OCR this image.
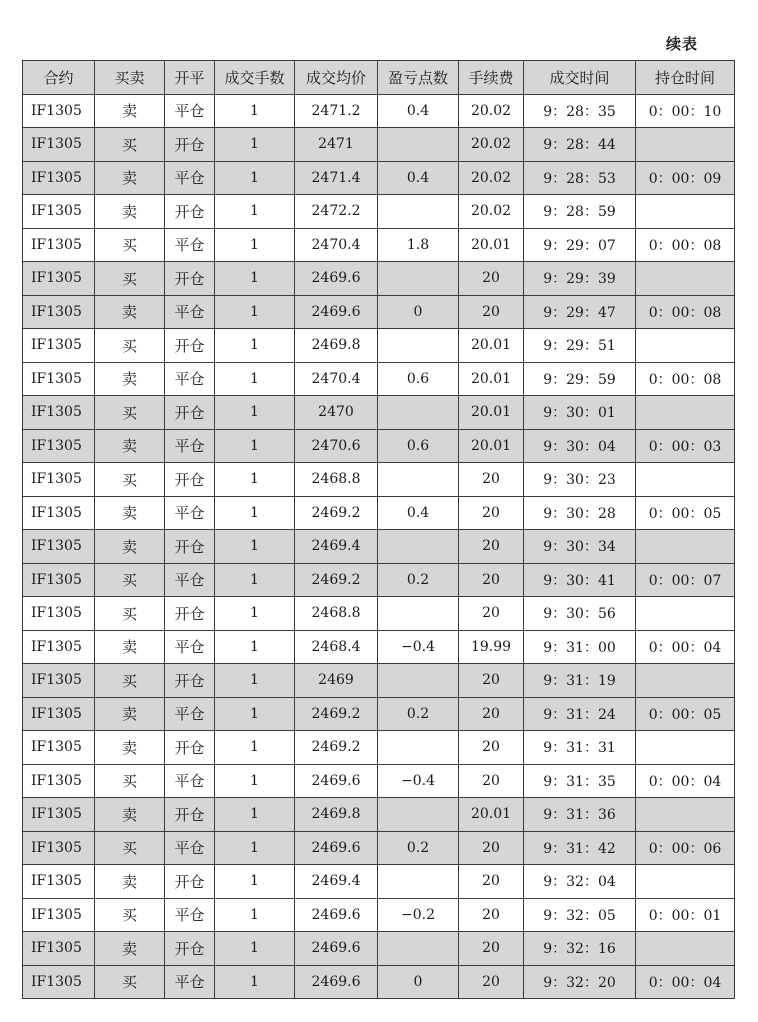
续表
合约	买卖	开平	成交手数	成交均价	盈亏点数	手续费	成交时间	持仓时间
IF1305	卖	平仓	1	2471.2	0.4	20.02	9：28：35	0：00：10
IF1305	买	开仓	1	2471		20.02	9：28：44	
IF1305	卖	平仓	1	2471.4	0.4	20.02	9：28：53	0：00：09
IF1305	卖	开仓	1	2472.2		20.02	9：28：59	
IF1305	买	平仓	1	2470.4	1.8	20.01	9：29：07	0：00：08
IF1305	买	开仓	1	2469.6		20	9：29：39	
IF1305	卖	平仓	1	2469.6	0	20	9：29：47	0：00：08
IF1305	买	开仓	1	2469.8		20.01	9：29：51	
IF1305	卖	平仓	1	2470.4	0.6	20.01	9：29：59	0：00：08
IF1305	买	开仓	1	2470		20.01	9：30：01	
IF1305	卖	平仓	1	2470.6	0.6	20.01	9：30：04	0：00：03
IF1305	买	开仓	1	2468.8		20	9：30：23	
IF1305	卖	平仓	1	2469.2	0.4	20	9：30：28	0：00：05
IF1305	卖	开仓	1	2469.4		20	9：30：34	
IF1305	买	平仓	1	2469.2	0.2	20	9：30：41	0：00：07
IF1305	买	开仓	1	2468.8		20	9：30：56	
IF1305	卖	平仓	1	2468.4	−0.4	19.99	9：31：00	0：00：04
IF1305	买	开仓	1	2469		20	9：31：19	
IF1305	卖	平仓	1	2469.2	0.2	20	9：31：24	0：00：05
IF1305	卖	开仓	1	2469.2		20	9：31：31	
IF1305	买	平仓	1	2469.6	−0.4	20	9：31：35	0：00：04
IF1305	卖	开仓	1	2469.8		20.01	9：31：36	
IF1305	买	平仓	1	2469.6	0.2	20	9：31：42	0：00：06
IF1305	卖	开仓	1	2469.4		20	9：32：04	
IF1305	买	平仓	1	2469.6	−0.2	20	9：32：05	0：00：01
IF1305	卖	开仓	1	2469.6		20	9：32：16	
IF1305	买	平仓	1	2469.6	0	20	9：32：20	0：00：04
